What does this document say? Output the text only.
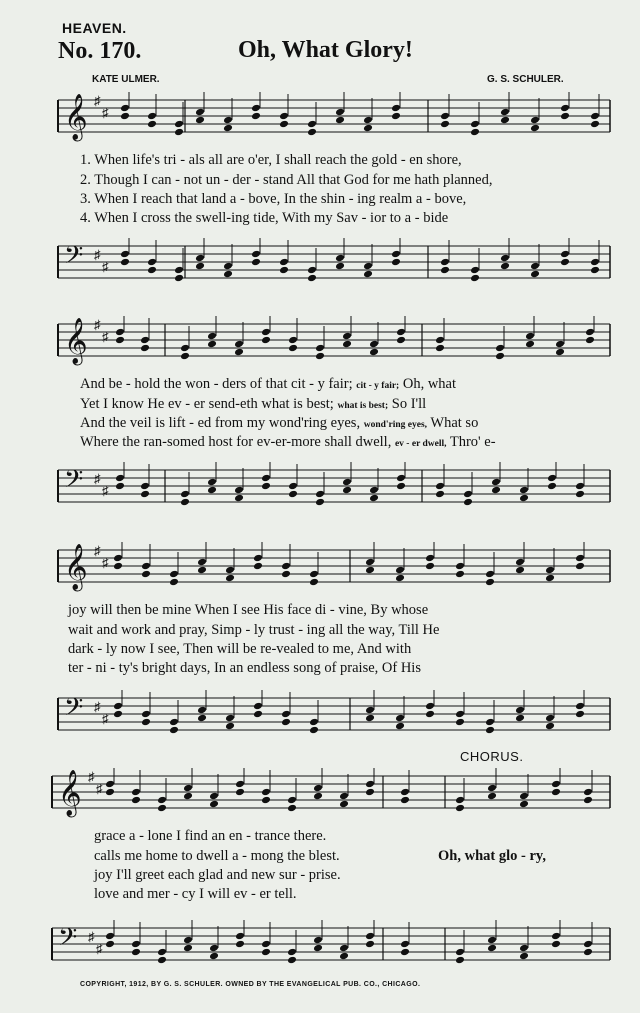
HEAVEN.
No. 170.	Oh, What Glory!
KATE ULMER.	G. S. SCHULER.
𝄞 ♯
♯
1. When life's tri - als all are o'er, I shall reach the gold - en shore,
2. Though I can - not un - der - stand All that God for me hath planned,
3. When I reach that land a - bove, In the shin - ing realm a - bove,
4. When I cross the swell-ing tide, With my Sav - ior to a - bide
𝄢 ♯
♯
𝄞 ♯
♯
And be - hold the won - ders of that cit - y fair; cit - y fair; Oh, what
Yet I know He ev - er send-eth what is best; what is best; So I'll
And the veil is lift - ed from my wond'ring eyes, wond'ring eyes, What so
Where the ran-somed host for ev-er-more shall dwell, ev - er dwell, Thro' e-
𝄢 ♯
♯
𝄞 ♯
♯
joy will then be mine When I see His face di - vine, By whose
wait and work and pray, Simp - ly trust - ing all the way, Till He
dark - ly now I see, Then will be re-vealed to me, And with
ter - ni - ty's bright days, In an endless song of praise, Of His
𝄢 ♯
♯
CHORUS.
𝄞 ♯
♯
grace a - lone I find an en - trance there.
calls me home to dwell a - mong the blest.	Oh, what glo - ry,
joy I'll greet each glad and new sur - prise.
love and mer - cy I will ev - er tell.
𝄢 ♯
♯
COPYRIGHT, 1912, BY G. S. SCHULER. OWNED BY THE EVANGELICAL PUB. CO., CHICAGO.
